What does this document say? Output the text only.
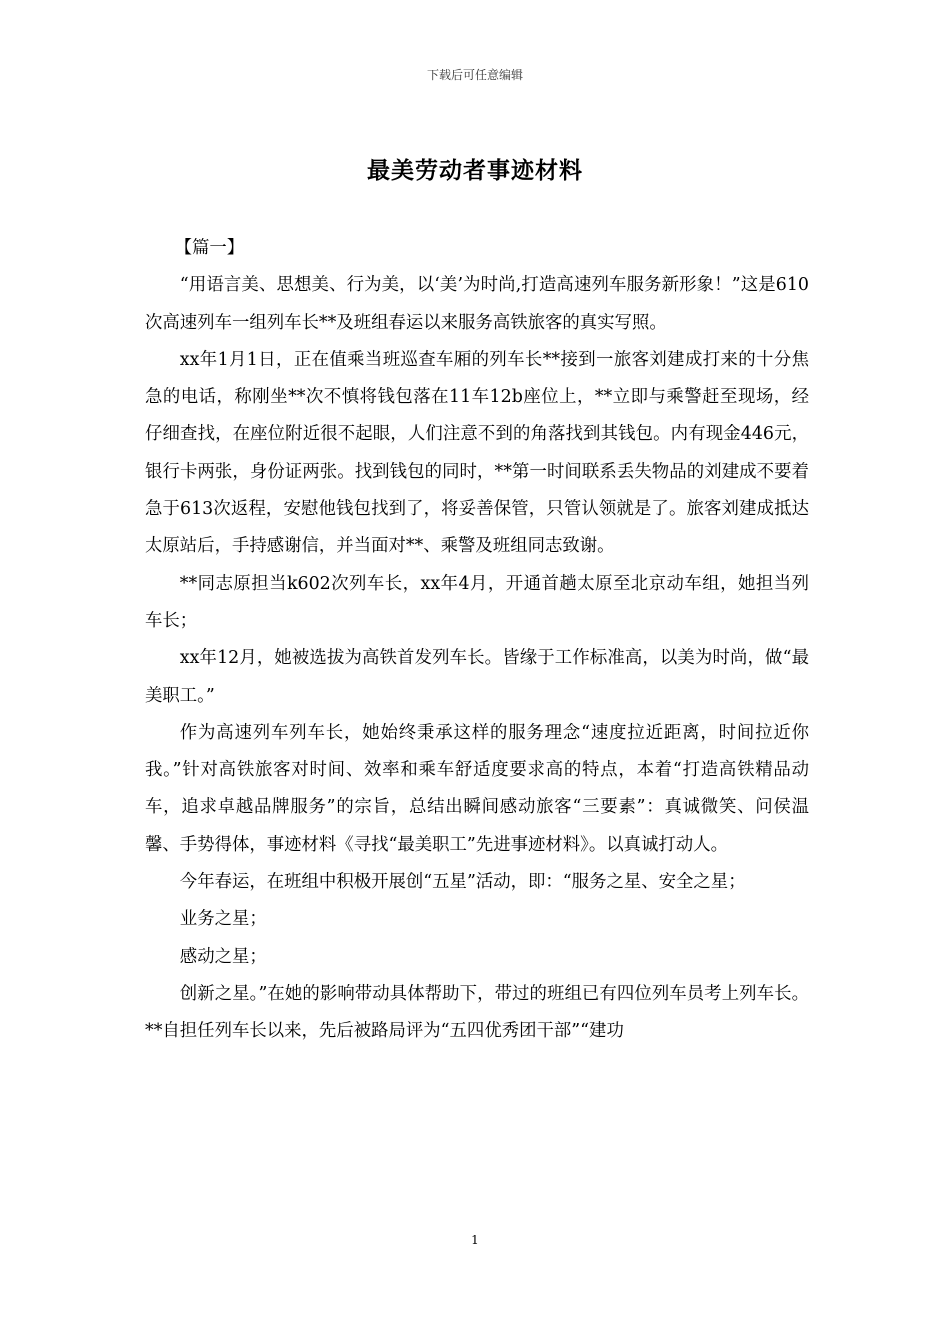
下载后可任意编辑
最美劳动者事迹材料

【篇一】

“用语言美、思想美、行为美，以‘美’为时尚,打造高速列车服务新形象！”这是610次高速列车一组列车长**及班组春运以来服务高铁旅客的真实写照。

xx年1月1日，正在值乘当班巡查车厢的列车长**接到一旅客刘建成打来的十分焦急的电话，称刚坐**次不慎将钱包落在11车12b座位上，**立即与乘警赶至现场，经仔细查找，在座位附近很不起眼，人们注意不到的角落找到其钱包。内有现金446元，银行卡两张，身份证两张。找到钱包的同时，**第一时间联系丢失物品的刘建成不要着急于613次返程，安慰他钱包找到了，将妥善保管，只管认领就是了。旅客刘建成抵达太原站后，手持感谢信，并当面对**、乘警及班组同志致谢。

**同志原担当k602次列车长，xx年4月，开通首趟太原至北京动车组，她担当列车长；

xx年12月，她被选拔为高铁首发列车长。皆缘于工作标准高，以美为时尚，做“最美职工。”

作为高速列车列车长，她始终秉承这样的服务理念“速度拉近距离，时间拉近你我。”针对高铁旅客对时间、效率和乘车舒适度要求高的特点，本着“打造高铁精品动车，追求卓越品牌服务”的宗旨，总结出瞬间感动旅客“三要素”：真诚微笑、问侯温馨、手势得体，事迹材料《寻找“最美职工”先进事迹材料》。以真诚打动人。

今年春运，在班组中积极开展创“五星”活动，即：“服务之星、安全之星；

业务之星；

感动之星；

创新之星。”在她的影响带动具体帮助下，带过的班组已有四位列车员考上列车长。**自担任列车长以来，先后被路局评为“五四优秀团干部”“建功

1
